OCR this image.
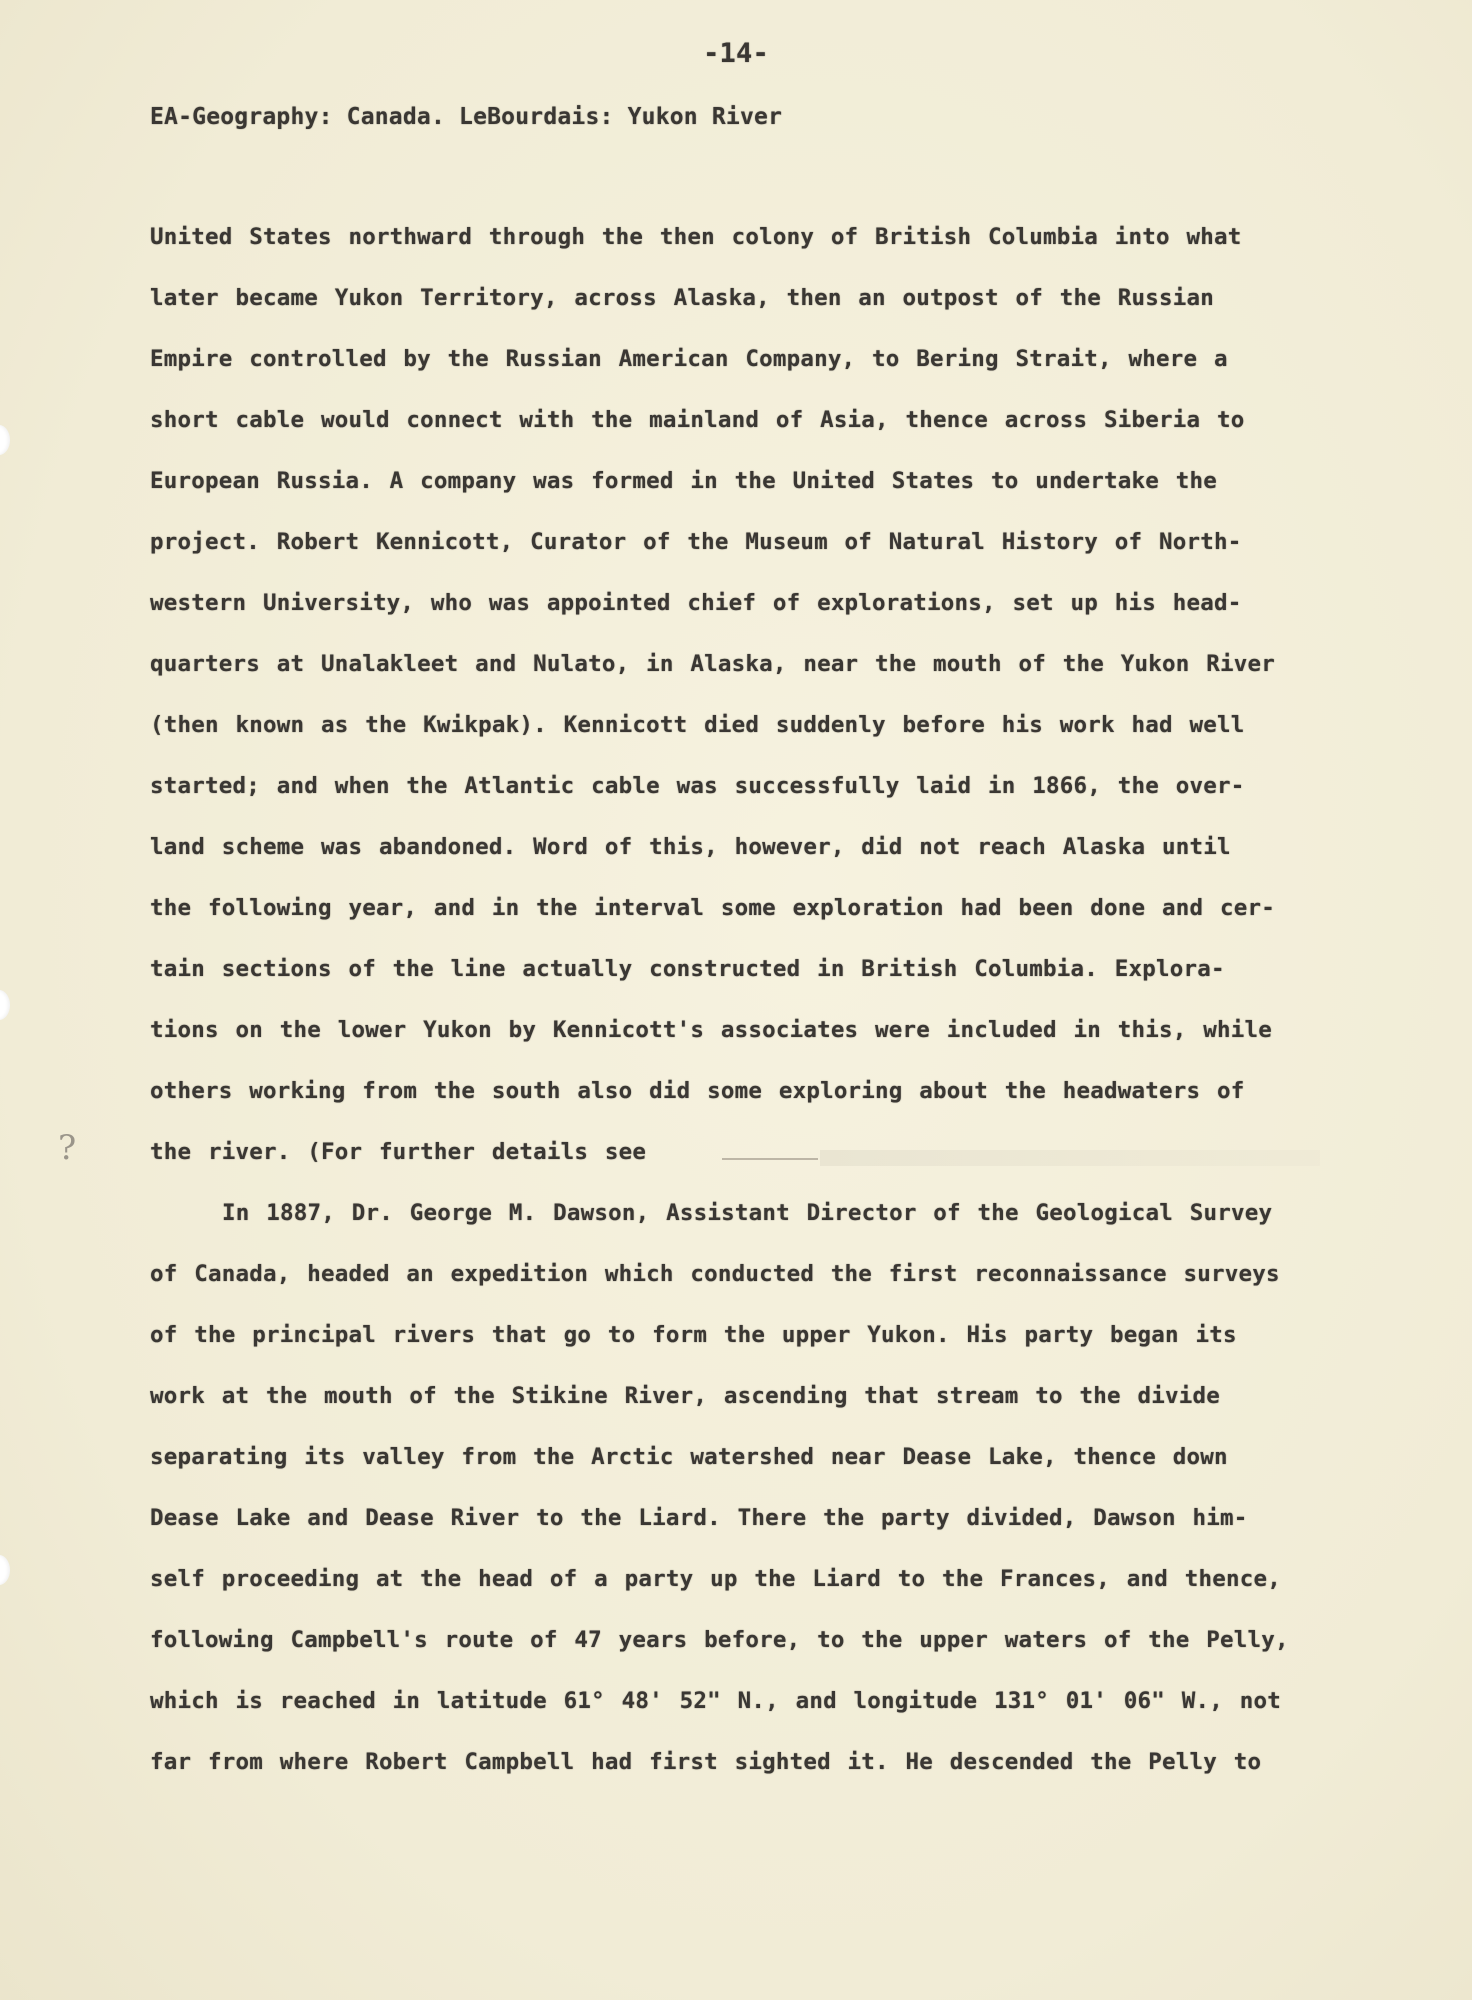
-14-
EA-Geography: Canada. LeBourdais: Yukon River
United States northward through the then colony of British Columbia into what
later became Yukon Territory, across Alaska, then an outpost of the Russian
Empire controlled by the Russian American Company, to Bering Strait, where a
short cable would connect with the mainland of Asia, thence across Siberia to
European Russia. A company was formed in the United States to undertake the
project. Robert Kennicott, Curator of the Museum of Natural History of North-
western University, who was appointed chief of explorations, set up his head-
quarters at Unalakleet and Nulato, in Alaska, near the mouth of the Yukon River
(then known as the Kwikpak). Kennicott died suddenly before his work had well
started; and when the Atlantic cable was successfully laid in 1866, the over-
land scheme was abandoned. Word of this, however, did not reach Alaska until
the following year, and in the interval some exploration had been done and cer-
tain sections of the line actually constructed in British Columbia. Explora-
tions on the lower Yukon by Kennicott's associates were included in this, while
others working from the south also did some exploring about the headwaters of
the river. (For further details see
In 1887, Dr. George M. Dawson, Assistant Director of the Geological Survey
of Canada, headed an expedition which conducted the first reconnaissance surveys
of the principal rivers that go to form the upper Yukon. His party began its
work at the mouth of the Stikine River, ascending that stream to the divide
separating its valley from the Arctic watershed near Dease Lake, thence down
Dease Lake and Dease River to the Liard. There the party divided, Dawson him-
self proceeding at the head of a party up the Liard to the Frances, and thence,
following Campbell's route of 47 years before, to the upper waters of the Pelly,
which is reached in latitude 61° 48' 52" N., and longitude 131° 01' 06" W., not
far from where Robert Campbell had first sighted it. He descended the Pelly to
?
